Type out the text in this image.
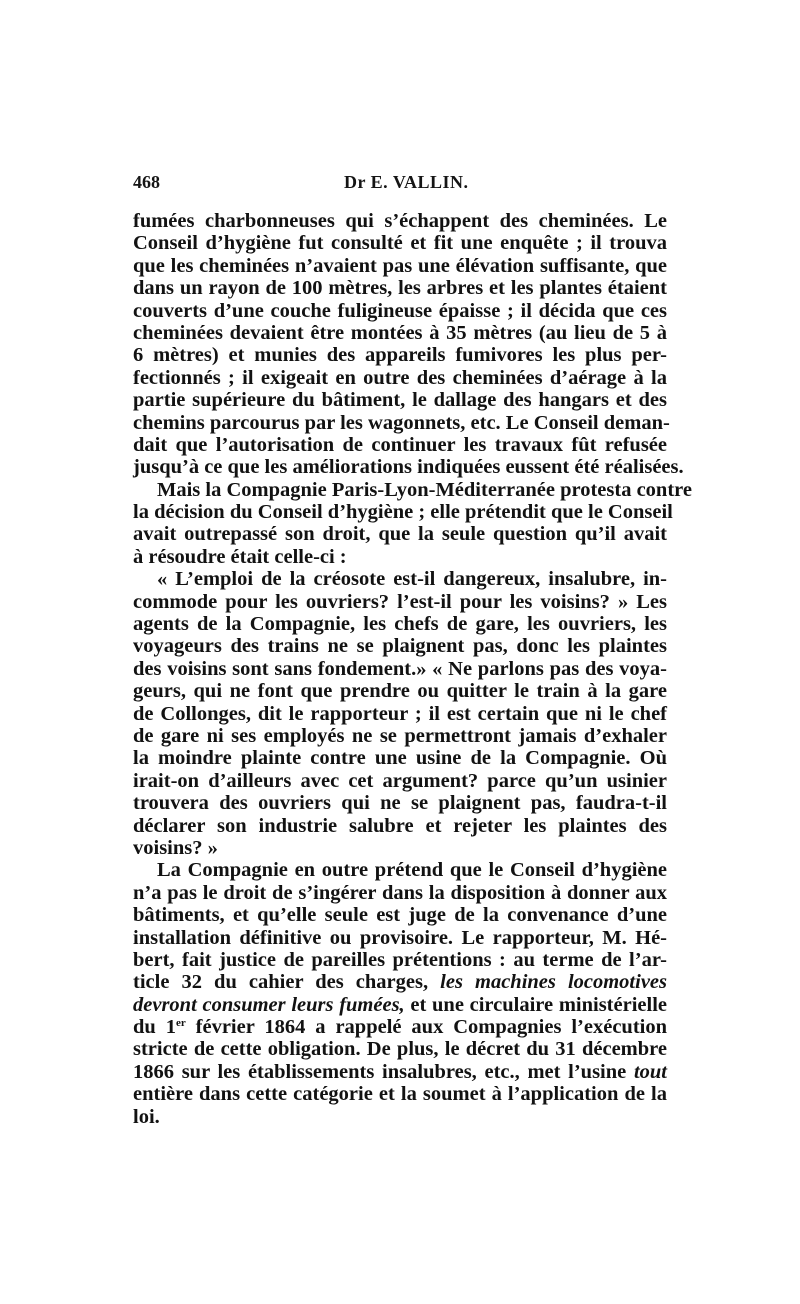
468	Dr E. VALLIN.
fumées charbonneuses qui s’échappent des cheminées. Le
Conseil d’hygiène fut consulté et fit une enquête ; il trouva
que les cheminées n’avaient pas une élévation suffisante, que
dans un rayon de 100 mètres, les arbres et les plantes étaient
couverts d’une couche fuligineuse épaisse ; il décida que ces
cheminées devaient être montées à 35 mètres (au lieu de 5 à
6 mètres) et munies des appareils fumivores les plus per-
fectionnés ; il exigeait en outre des cheminées d’aérage à la
partie supérieure du bâtiment, le dallage des hangars et des
chemins parcourus par les wagonnets, etc. Le Conseil deman-
dait que l’autorisation de continuer les travaux fût refusée
jusqu’à ce que les améliorations indiquées eussent été réalisées.
Mais la Compagnie Paris-Lyon-Méditerranée protesta contre
la décision du Conseil d’hygiène ; elle prétendit que le Conseil
avait outrepassé son droit, que la seule question qu’il avait
à résoudre était celle-ci :
« L’emploi de la créosote est-il dangereux, insalubre, in-
commode pour les ouvriers? l’est-il pour les voisins? » Les
agents de la Compagnie, les chefs de gare, les ouvriers, les
voyageurs des trains ne se plaignent pas, donc les plaintes
des voisins sont sans fondement.» « Ne parlons pas des voya-
geurs, qui ne font que prendre ou quitter le train à la gare
de Collonges, dit le rapporteur ; il est certain que ni le chef
de gare ni ses employés ne se permettront jamais d’exhaler
la moindre plainte contre une usine de la Compagnie. Où
irait-on d’ailleurs avec cet argument? parce qu’un usinier
trouvera des ouvriers qui ne se plaignent pas, faudra-t-il
déclarer son industrie salubre et rejeter les plaintes des
voisins? »
La Compagnie en outre prétend que le Conseil d’hygiène
n’a pas le droit de s’ingérer dans la disposition à donner aux
bâtiments, et qu’elle seule est juge de la convenance d’une
installation définitive ou provisoire. Le rapporteur, M. Hé-
bert, fait justice de pareilles prétentions : au terme de l’ar-
ticle 32 du cahier des charges, les machines locomotives
devront consumer leurs fumées, et une circulaire ministérielle
du 1er février 1864 a rappelé aux Compagnies l’exécution
stricte de cette obligation. De plus, le décret du 31 décembre
1866 sur les établissements insalubres, etc., met l’usine tout
entière dans cette catégorie et la soumet à l’application de la
loi.
